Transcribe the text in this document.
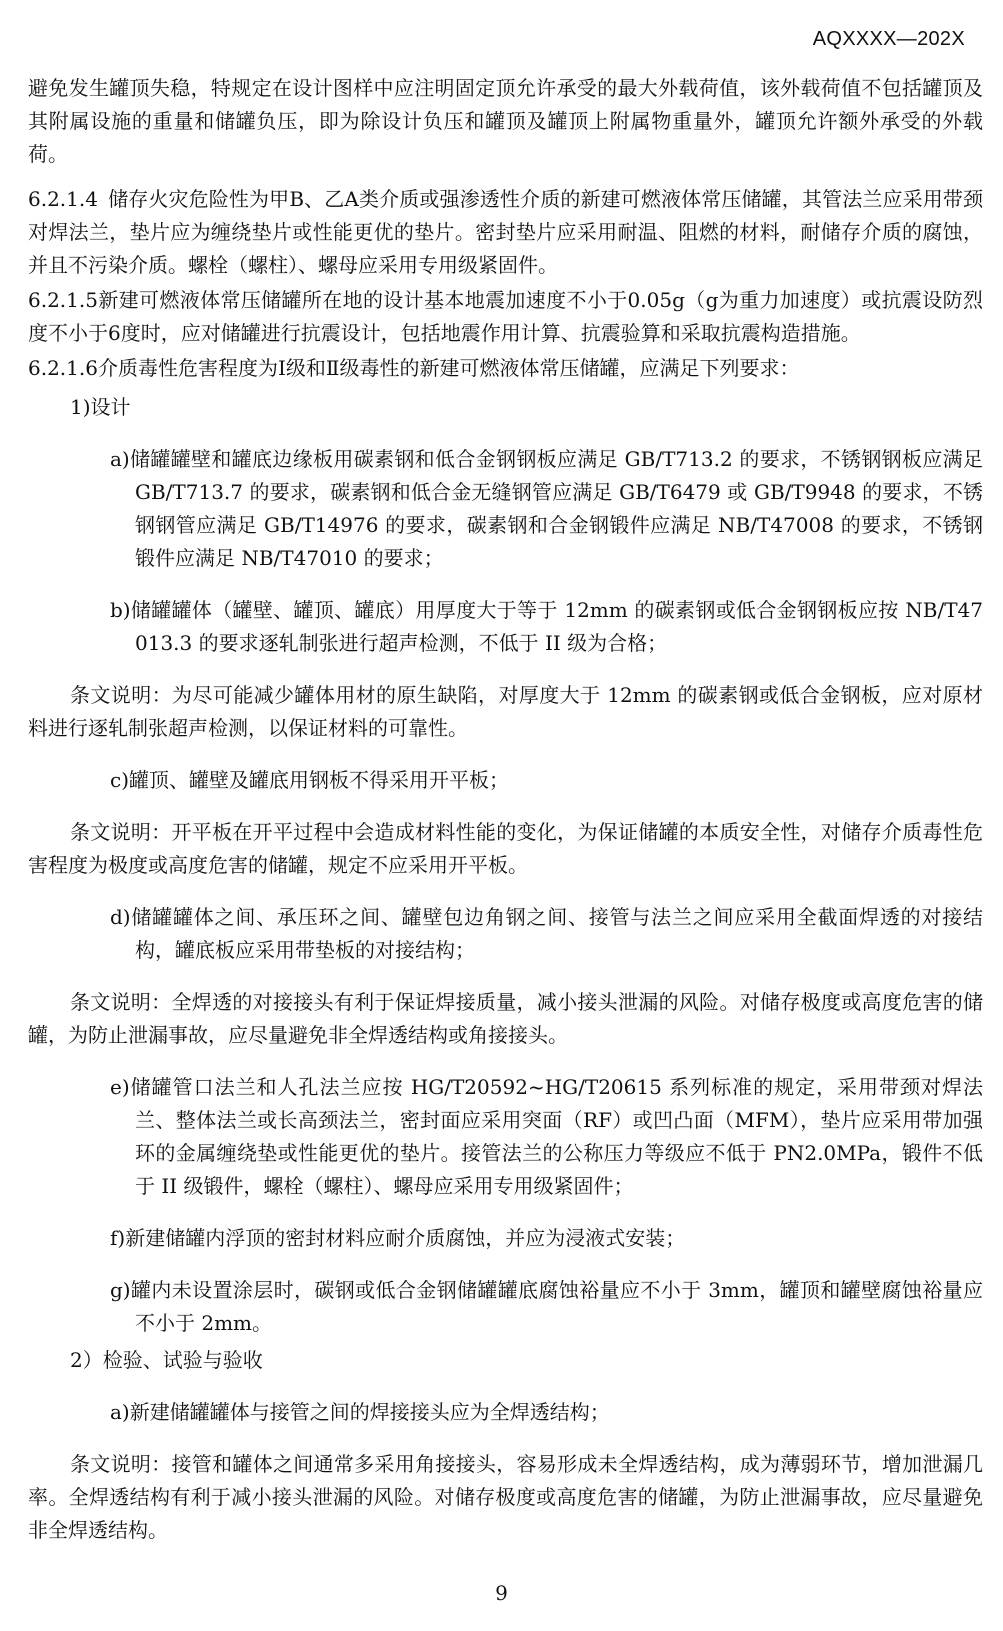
AQXXXX—202X

避免发生罐顶失稳，特规定在设计图样中应注明固定顶允许承受的最大外载荷值，该外载荷值不包括罐顶及其附属设施的重量和储罐负压，即为除设计负压和罐顶及罐顶上附属物重量外，罐顶允许额外承受的外载荷。

6.2.1.4 储存火灾危险性为甲B、乙A类介质或强渗透性介质的新建可燃液体常压储罐，其管法兰应采用带颈对焊法兰，垫片应为缠绕垫片或性能更优的垫片。密封垫片应采用耐温、阻燃的材料，耐储存介质的腐蚀，并且不污染介质。螺栓（螺柱）、螺母应采用专用级紧固件。

6.2.1.5新建可燃液体常压储罐所在地的设计基本地震加速度不小于0.05g（g为重力加速度）或抗震设防烈度不小于6度时，应对储罐进行抗震设计，包括地震作用计算、抗震验算和采取抗震构造措施。

6.2.1.6介质毒性危害程度为Ⅰ级和Ⅱ级毒性的新建可燃液体常压储罐，应满足下列要求：

1)设计

a)储罐罐壁和罐底边缘板用碳素钢和低合金钢钢板应满足 GB/T713.2 的要求，不锈钢钢板应满足 GB/T713.7 的要求，碳素钢和低合金无缝钢管应满足 GB/T6479 或 GB/T9948 的要求，不锈钢钢管应满足 GB/T14976 的要求，碳素钢和合金钢锻件应满足 NB/T47008 的要求，不锈钢锻件应满足 NB/T47010 的要求；

b)储罐罐体（罐壁、罐顶、罐底）用厚度大于等于 12mm 的碳素钢或低合金钢钢板应按 NB/T47013.3 的要求逐轧制张进行超声检测，不低于 II 级为合格；

条文说明：为尽可能减少罐体用材的原生缺陷，对厚度大于 12mm 的碳素钢或低合金钢板，应对原材料进行逐轧制张超声检测，以保证材料的可靠性。

c)罐顶、罐壁及罐底用钢板不得采用开平板；

条文说明：开平板在开平过程中会造成材料性能的变化，为保证储罐的本质安全性，对储存介质毒性危害程度为极度或高度危害的储罐，规定不应采用开平板。

d)储罐罐体之间、承压环之间、罐壁包边角钢之间、接管与法兰之间应采用全截面焊透的对接结构，罐底板应采用带垫板的对接结构；

条文说明：全焊透的对接接头有利于保证焊接质量，减小接头泄漏的风险。对储存极度或高度危害的储罐，为防止泄漏事故，应尽量避免非全焊透结构或角接接头。

e)储罐管口法兰和人孔法兰应按 HG/T20592~HG/T20615 系列标准的规定，采用带颈对焊法兰、整体法兰或长高颈法兰，密封面应采用突面（RF）或凹凸面（MFM），垫片应采用带加强环的金属缠绕垫或性能更优的垫片。接管法兰的公称压力等级应不低于 PN2.0MPa，锻件不低于 II 级锻件，螺栓（螺柱）、螺母应采用专用级紧固件；

f)新建储罐内浮顶的密封材料应耐介质腐蚀，并应为浸液式安装；

g)罐内未设置涂层时，碳钢或低合金钢储罐罐底腐蚀裕量应不小于 3mm，罐顶和罐壁腐蚀裕量应不小于 2mm。

2）检验、试验与验收

a)新建储罐罐体与接管之间的焊接接头应为全焊透结构；

条文说明：接管和罐体之间通常多采用角接接头，容易形成未全焊透结构，成为薄弱环节，增加泄漏几率。全焊透结构有利于减小接头泄漏的风险。对储存极度或高度危害的储罐，为防止泄漏事故，应尽量避免非全焊透结构。

9
